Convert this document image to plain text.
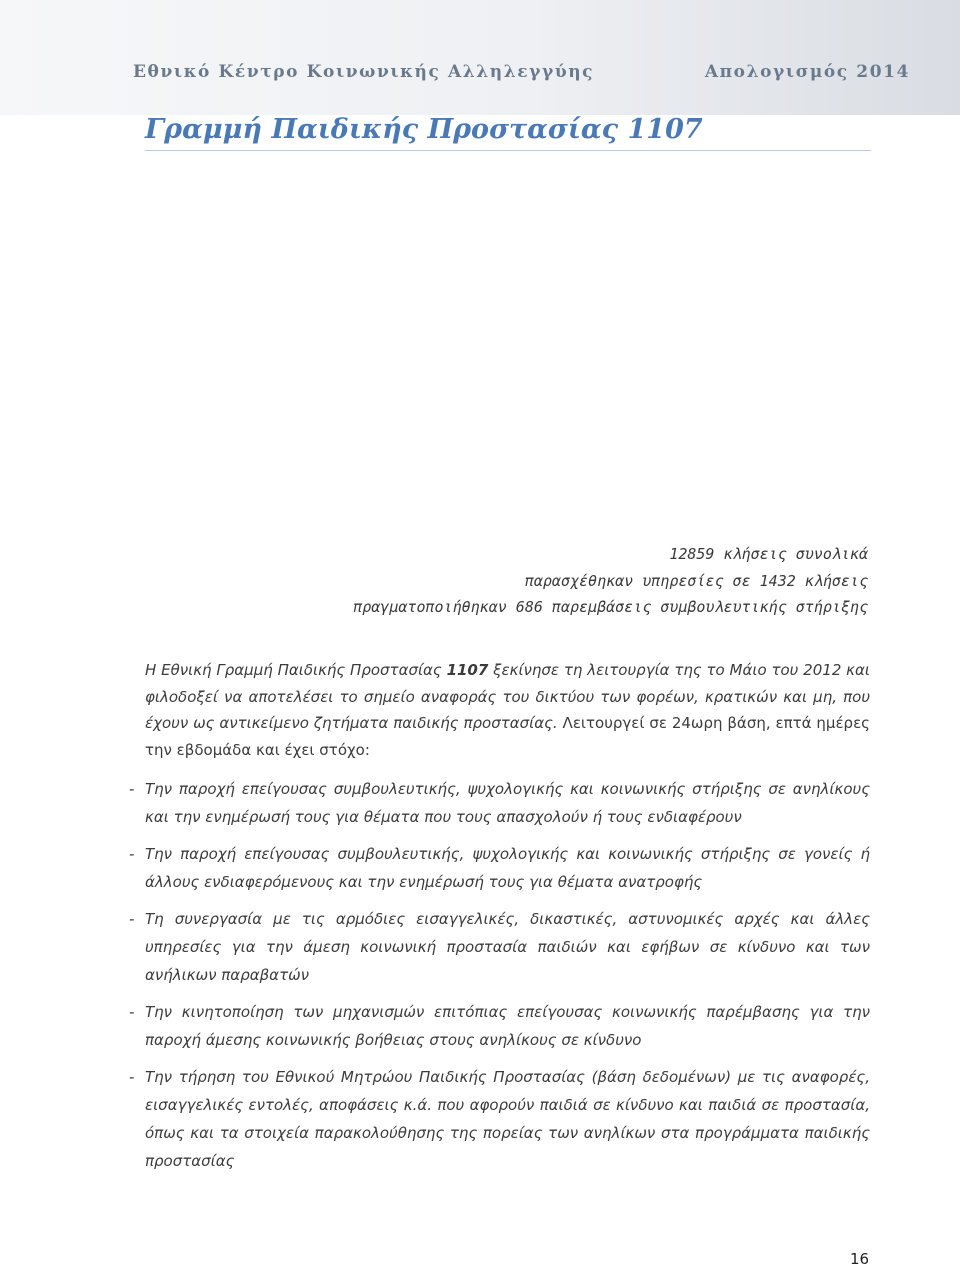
Εθνικό Κέντρο Κοινωνικής Αλληλεγγύης	Απολογισμός 2014
Γραμμή Παιδικής Προστασίας 1107
12859 κλήσεις συνολικά
παρασχέθηκαν υπηρεσίες σε 1432 κλήσεις
πραγματοποιήθηκαν 686 παρεμβάσεις συμβουλευτικής στήριξης
Η Εθνική Γραμμή Παιδικής Προστασίας 1107 ξεκίνησε τη λειτουργία της το Μάιο του 2012 και φιλοδοξεί να αποτελέσει το σημείο αναφοράς του δικτύου των φορέων, κρατικών και μη, που έχουν ως αντικείμενο ζητήματα παιδικής προστασίας. Λειτουργεί σε 24ωρη βάση, επτά ημέρες την εβδομάδα και έχει στόχο:
- Την παροχή επείγουσας συμβουλευτικής, ψυχολογικής και κοινωνικής στήριξης σε ανηλίκους και την ενημέρωσή τους για θέματα που τους απασχολούν ή τους ενδιαφέρουν
- Την παροχή επείγουσας συμβουλευτικής, ψυχολογικής και κοινωνικής στήριξης σε γονείς ή άλλους ενδιαφερόμενους και την ενημέρωσή τους για θέματα ανατροφής
- Τη συνεργασία με τις αρμόδιες εισαγγελικές, δικαστικές, αστυνομικές αρχές και άλλες υπηρεσίες για την άμεση κοινωνική προστασία παιδιών και εφήβων σε κίνδυνο και των ανήλικων παραβατών
- Την κινητοποίηση των μηχανισμών επιτόπιας επείγουσας κοινωνικής παρέμβασης για την παροχή άμεσης κοινωνικής βοήθειας στους ανηλίκους σε κίνδυνο
- Την τήρηση του Εθνικού Μητρώου Παιδικής Προστασίας (βάση δεδομένων) με τις αναφορές, εισαγγελικές εντολές, αποφάσεις κ.ά. που αφορούν παιδιά σε κίνδυνο και παιδιά σε προστασία, όπως και τα στοιχεία παρακολούθησης της πορείας των ανηλίκων στα προγράμματα παιδικής προστασίας
16
